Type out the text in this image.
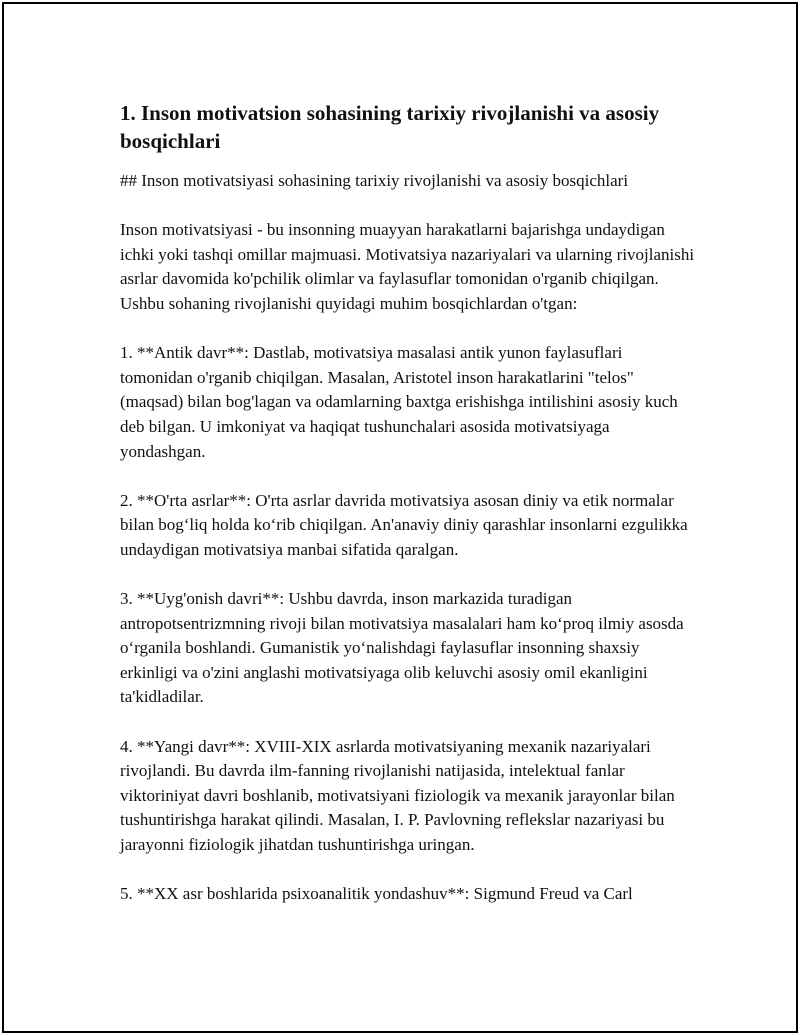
1. Inson motivatsion sohasining tarixiy rivojlanishi va asosiy bosqichlari

## Inson motivatsiyasi sohasining tarixiy rivojlanishi va asosiy bosqichlari

Inson motivatsiyasi - bu insonning muayyan harakatlarni bajarishga undaydigan ichki yoki tashqi omillar majmuasi. Motivatsiya nazariyalari va ularning rivojlanishi asrlar davomida ko'pchilik olimlar va faylasuflar tomonidan o'rganib chiqilgan. Ushbu sohaning rivojlanishi quyidagi muhim bosqichlardan o'tgan:

1. **Antik davr**: Dastlab, motivatsiya masalasi antik yunon faylasuflari tomonidan o'rganib chiqilgan. Masalan, Aristotel inson harakatlarini "telos" (maqsad) bilan bog'lagan va odamlarning baxtga erishishga intilishini asosiy kuch deb bilgan. U imkoniyat va haqiqat tushunchalari asosida motivatsiyaga yondashgan.

2. **O'rta asrlar**: O'rta asrlar davrida motivatsiya asosan diniy va etik normalar bilan bog‘liq holda ko‘rib chiqilgan. An'anaviy diniy qarashlar insonlarni ezgulikka undaydigan motivatsiya manbai sifatida qaralgan.

3. **Uyg'onish davri**: Ushbu davrda, inson markazida turadigan antropotsentrizmning rivoji bilan motivatsiya masalalari ham ko‘proq ilmiy asosda o‘rganila boshlandi. Gumanistik yo‘nalishdagi faylasuflar insonning shaxsiy erkinligi va o'zini anglashi motivatsiyaga olib keluvchi asosiy omil ekanligini ta'kidladilar.

4. **Yangi davr**: XVIII-XIX asrlarda motivatsiyaning mexanik nazariyalari rivojlandi. Bu davrda ilm-fanning rivojlanishi natijasida, intelektual fanlar viktoriniyat davri boshlanib, motivatsiyani fiziologik va mexanik jarayonlar bilan tushuntirishga harakat qilindi. Masalan, I. P. Pavlovning reflekslar nazariyasi bu jarayonni fiziologik jihatdan tushuntirishga uringan.

5. **XX asr boshlarida psixoanalitik yondashuv**: Sigmund Freud va Carl
